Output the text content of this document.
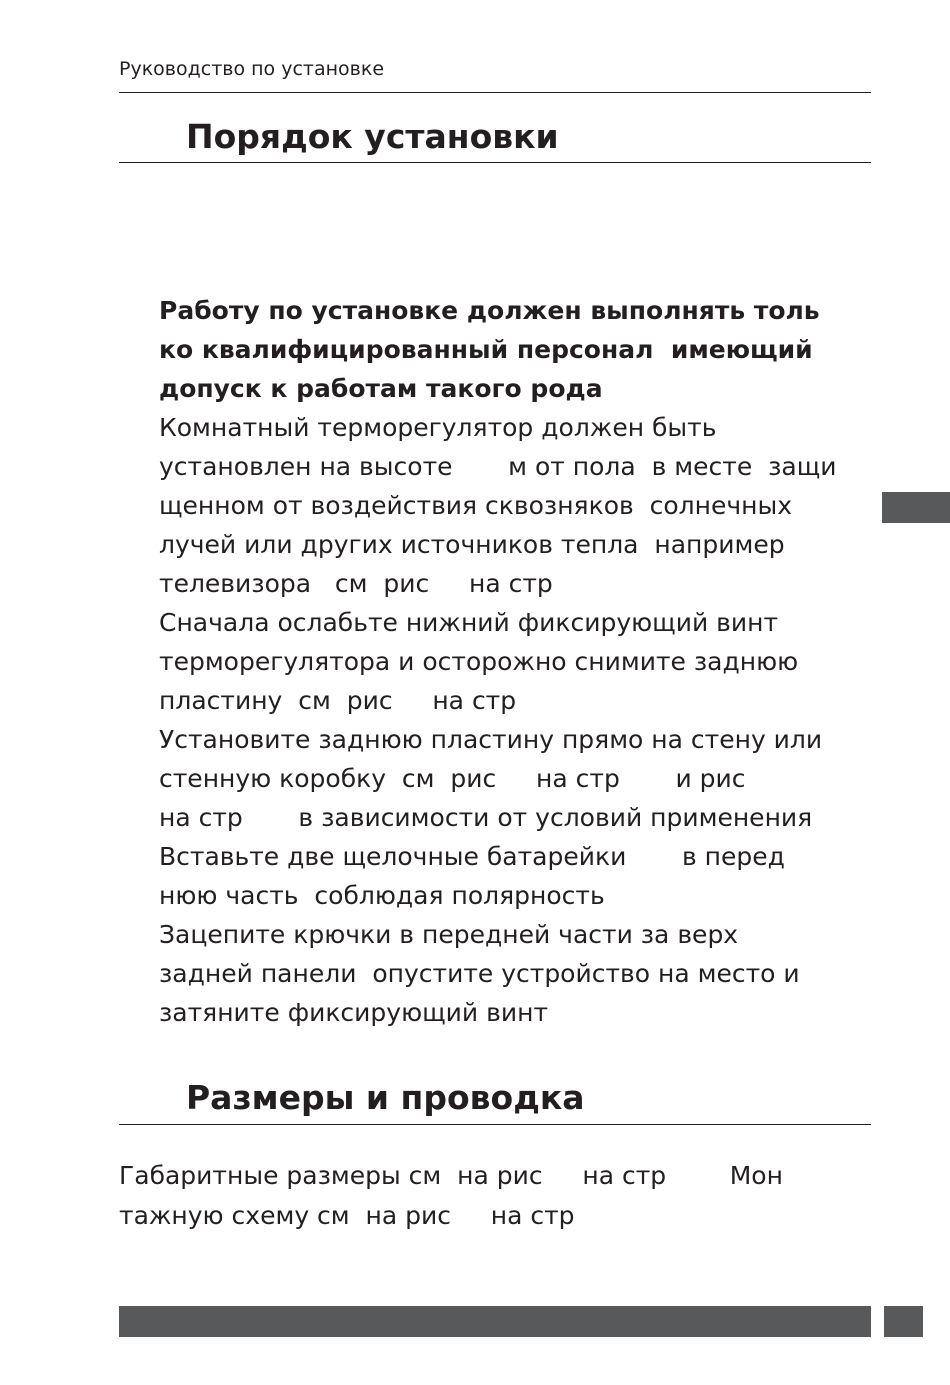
Руководство по установке
Порядок установки
Работу по установке должен выполнять толь
ко квалифицированный персонал  имеющий
допуск к работам такого рода
Комнатный терморегулятор должен быть
установлен на высоте       м от пола  в месте  защи
щенном от воздействия сквозняков  солнечных
лучей или других источников тепла  например
телевизора   см  рис     на стр
Сначала ослабьте нижний фиксирующий винт
терморегулятора и осторожно снимите заднюю
пластину  см  рис     на стр
Установите заднюю пластину прямо на стену или
стенную коробку  см  рис     на стр       и рис
на стр       в зависимости от условий применения
Вставьте две щелочные батарейки       в перед
нюю часть  соблюдая полярность
Зацепите крючки в передней части за верх
задней панели  опустите устройство на место и
затяните фиксирующий винт
Размеры и проводка
Габаритные размеры см  на рис     на стр        Мон
тажную схему см  на рис     на стр
